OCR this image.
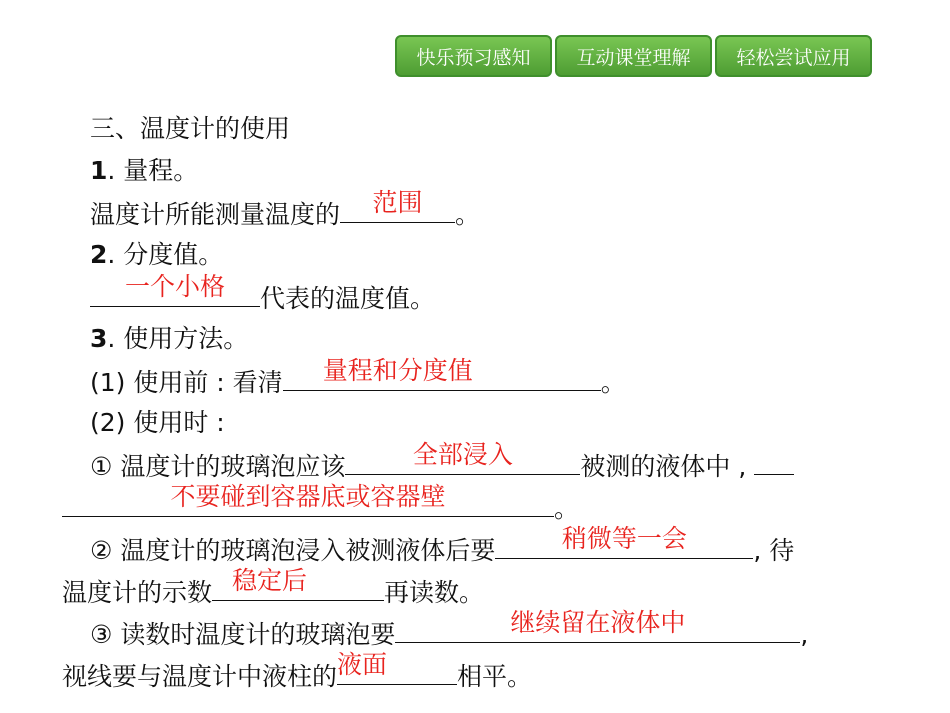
快乐预习感知	互动课堂理解	轻松尝试应用
三、温度计的使用
1. 量程。
温度计所能测量温度的	范围	。
2. 分度值。
一个小格	代表的温度值。
3. 使用方法。
(1) 使用前 : 看清 量程和分度值	。
(2) 使用时 :
① 温度计的玻璃泡应该	全部浸入	被测的液体中 ,
不要碰到容器底或容器壁	。
② 温度计的玻璃泡浸入被测液体后要	稍微等一会	, 待
温度计的示数 稳定后	再读数。
③ 读数时温度计的玻璃泡要	继续留在液体中	,
视线要与温度计中液柱的 液面	相平。
